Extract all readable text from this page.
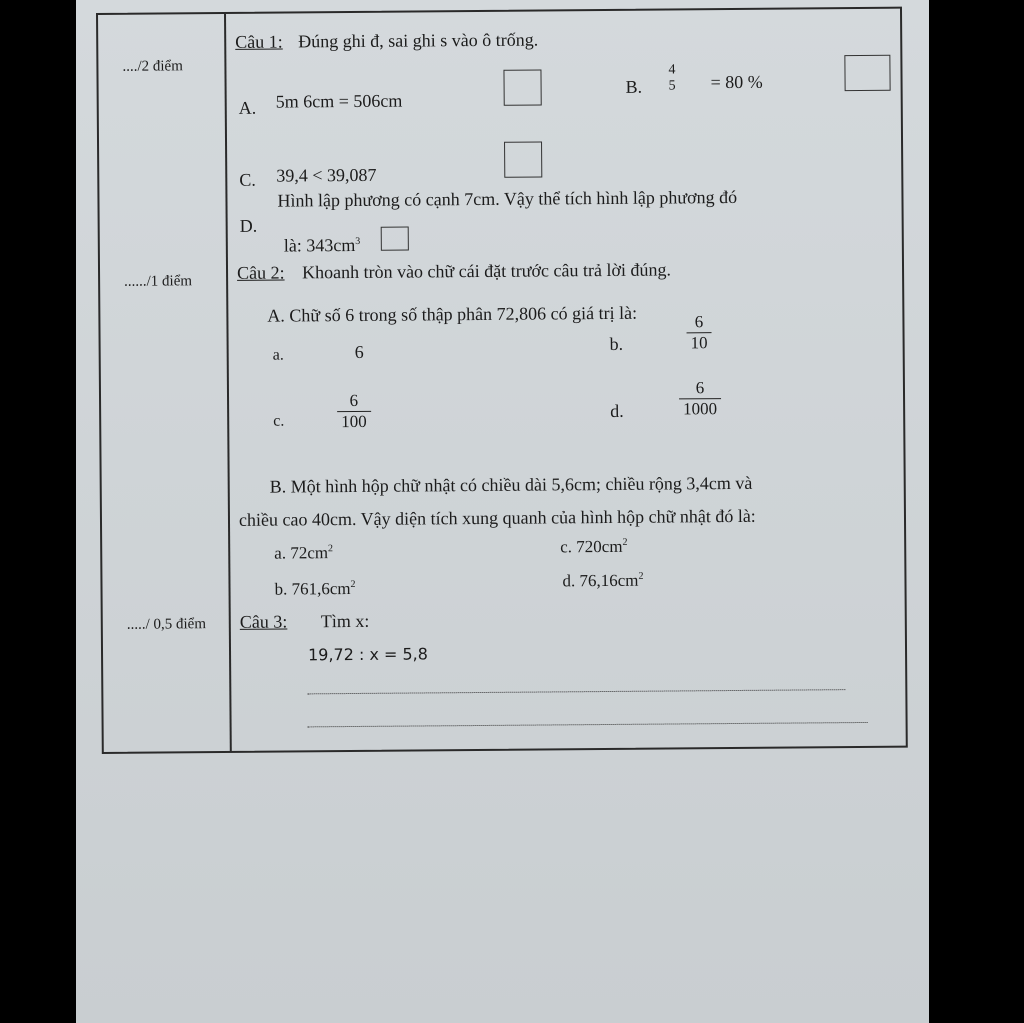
..../2 điểm
....../1 điểm
...../ 0,5 điểm
Câu 1: Đúng ghi đ, sai ghi s vào ô trống.
A. 5m 6cm = 506cm
B.
4
5 = 80 %
C. 39,4 < 39,087
Hình lập phương có cạnh 7cm. Vậy thể tích hình lập phương đó
D.
là: $343cm^3$
Câu 2: Khoanh tròn vào chữ cái đặt trước câu trả lời đúng.
A. Chữ số 6 trong số thập phân 72,806 có giá trị là:
a.	6	b.	$\frac{6}{10}$
c.	$\frac{6}{100}$	d.	$\frac{6}{1000}$
B. Một hình hộp chữ nhật có chiều dài 5,6cm; chiều rộng 3,4cm và
chiều cao 40cm. Vậy diện tích xung quanh của hình hộp chữ nhật đó là:
a. $72cm^2$	c. $720cm^2$
b. $761,6cm^2$	d. $76,16cm^2$
Câu 3: Tìm x:
19,72 : x = 5,8
